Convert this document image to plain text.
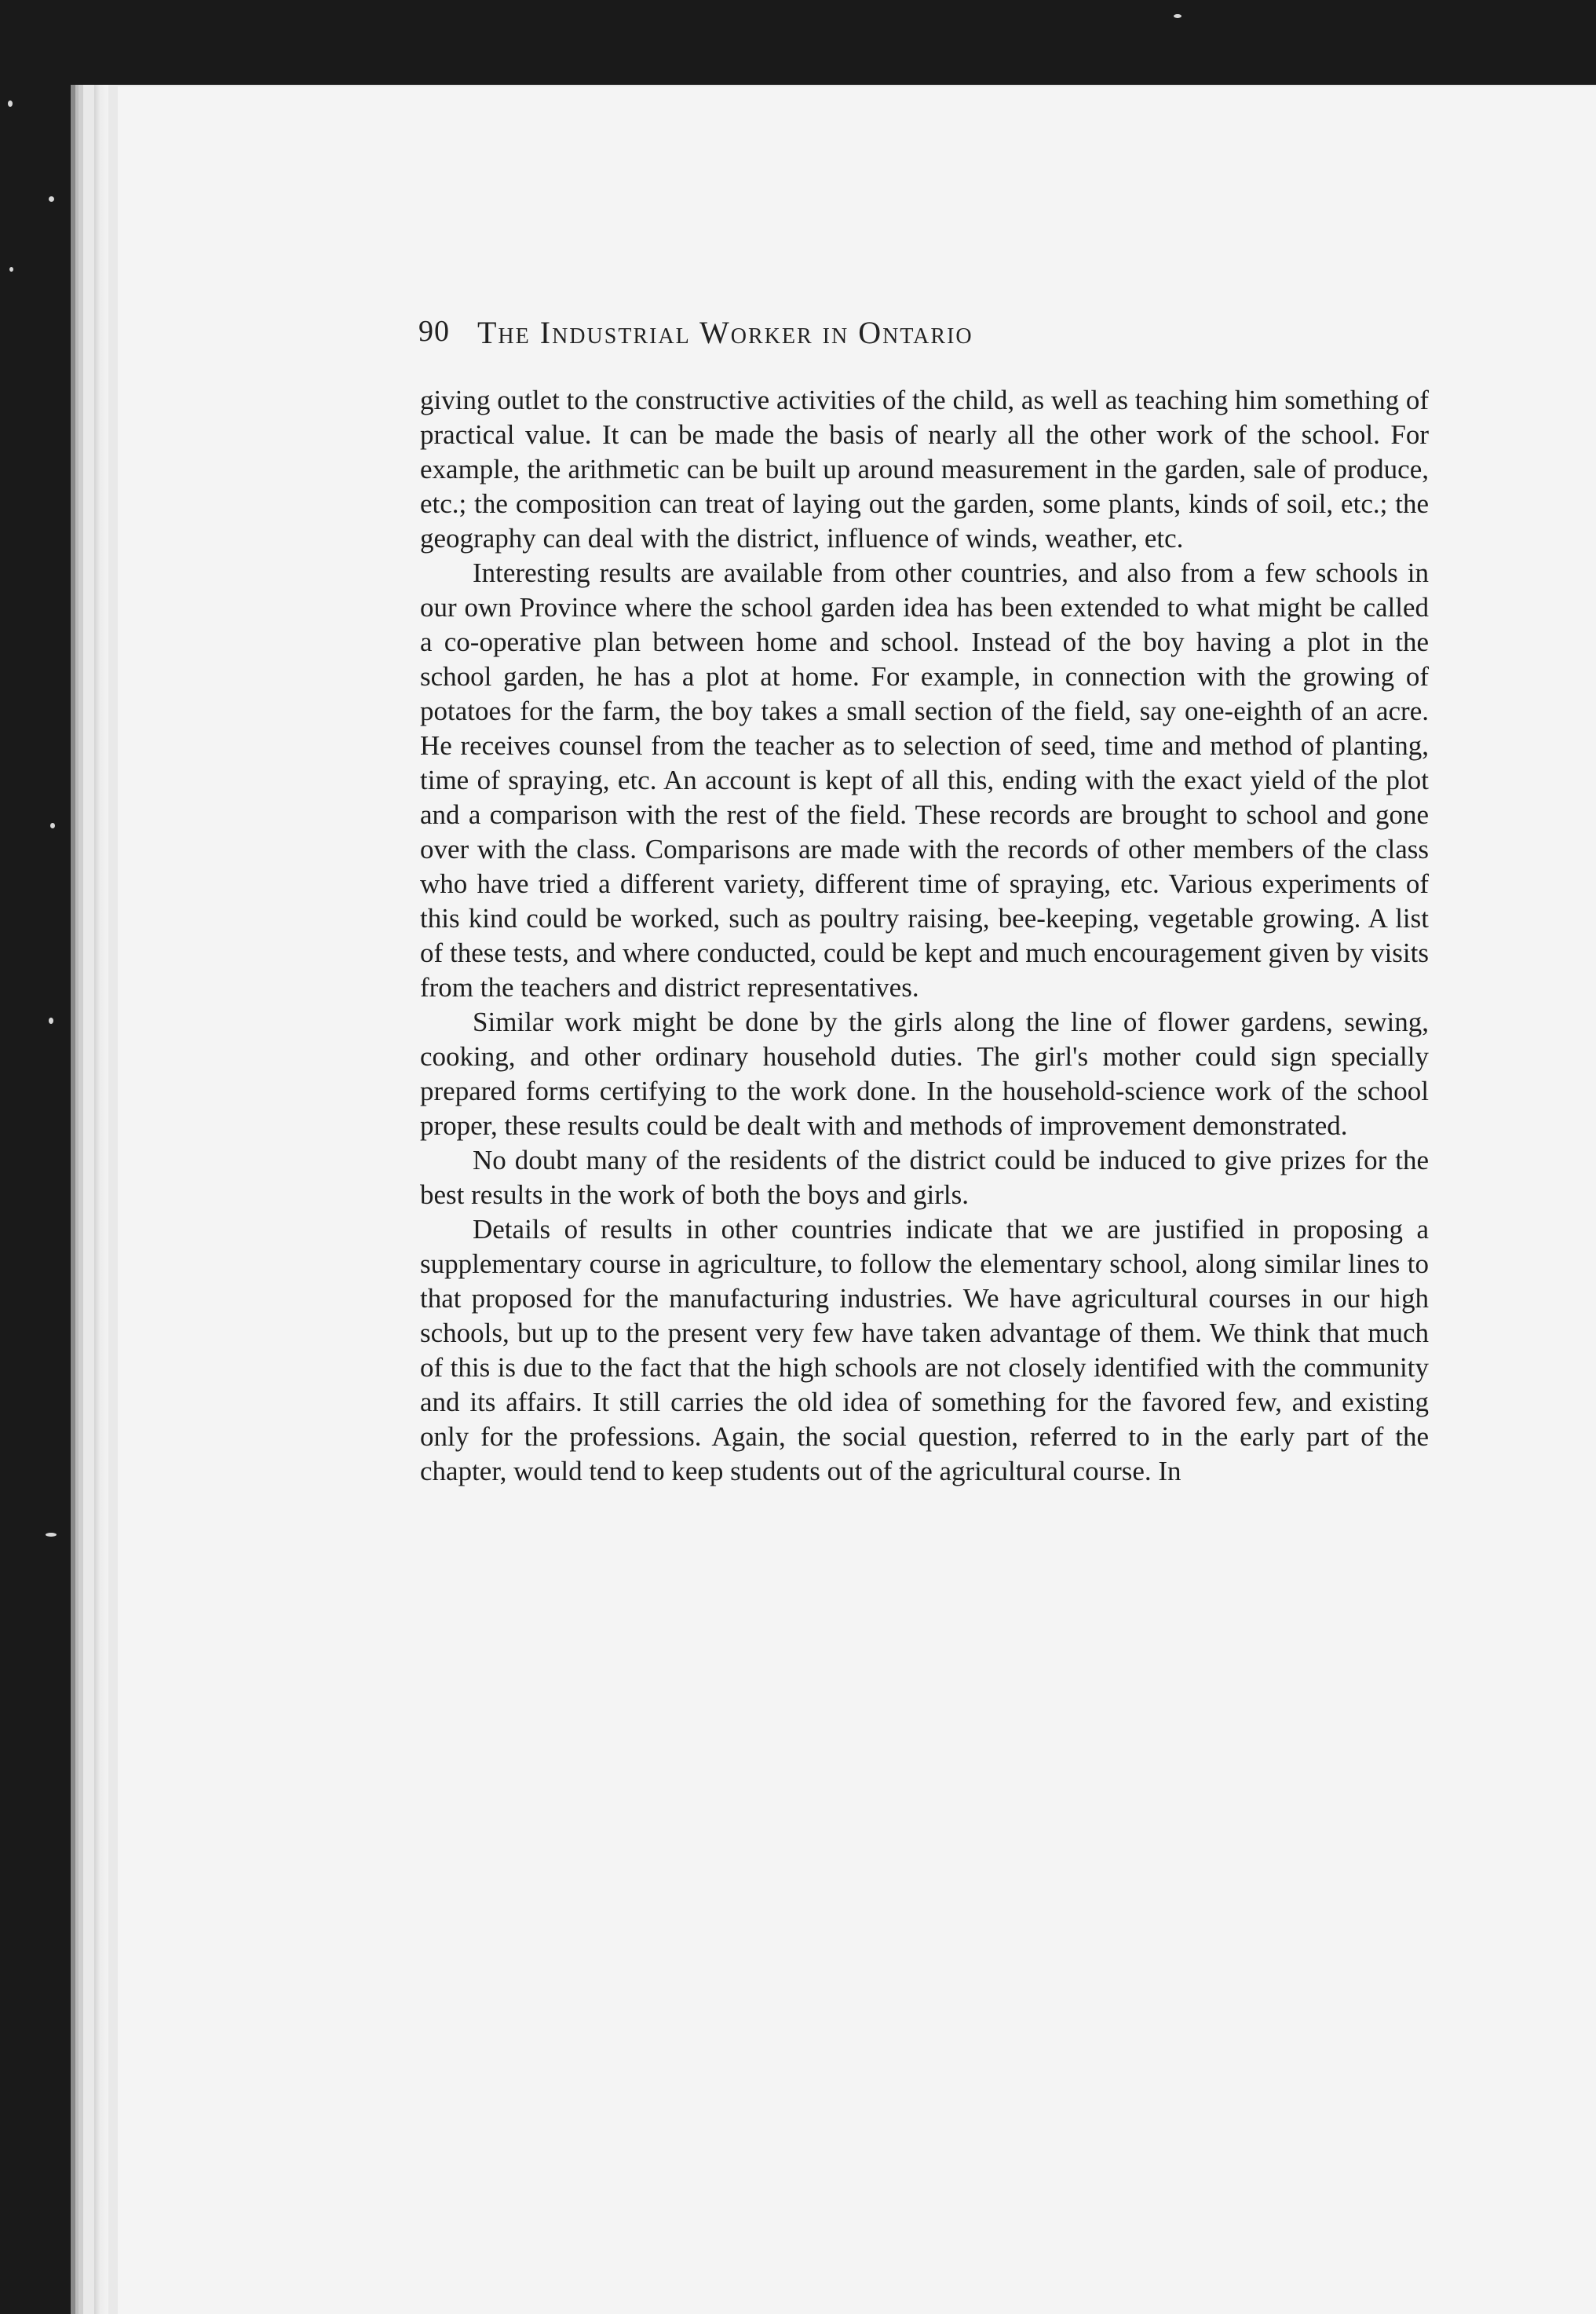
90 The Industrial Worker in Ontario

giving outlet to the constructive activities of the child, as well as teaching him something of practical value. It can be made the basis of nearly all the other work of the school. For example, the arithmetic can be built up around measurement in the garden, sale of produce, etc.; the composition can treat of laying out the garden, some plants, kinds of soil, etc.; the geography can deal with the district, influence of winds, weather, etc.

Interesting results are available from other countries, and also from a few schools in our own Province where the school garden idea has been extended to what might be called a co-operative plan between home and school. Instead of the boy having a plot in the school garden, he has a plot at home. For example, in connection with the growing of potatoes for the farm, the boy takes a small section of the field, say one-eighth of an acre. He receives counsel from the teacher as to selection of seed, time and method of planting, time of spraying, etc. An account is kept of all this, ending with the exact yield of the plot and a comparison with the rest of the field. These records are brought to school and gone over with the class. Comparisons are made with the records of other members of the class who have tried a different variety, different time of spraying, etc. Various experiments of this kind could be worked, such as poultry raising, bee-keeping, vegetable growing. A list of these tests, and where conducted, could be kept and much encouragement given by visits from the teachers and district representatives.

Similar work might be done by the girls along the line of flower gardens, sewing, cooking, and other ordinary household duties. The girl's mother could sign specially prepared forms certifying to the work done. In the household-science work of the school proper, these results could be dealt with and methods of improvement demonstrated.

No doubt many of the residents of the district could be induced to give prizes for the best results in the work of both the boys and girls.

Details of results in other countries indicate that we are justified in proposing a supplementary course in agriculture, to follow the elementary school, along similar lines to that proposed for the manufacturing industries. We have agricultural courses in our high schools, but up to the present very few have taken advantage of them. We think that much of this is due to the fact that the high schools are not closely identified with the community and its affairs. It still carries the old idea of something for the favored few, and existing only for the professions. Again, the social question, referred to in the early part of the chapter, would tend to keep students out of the agricultural course. In
